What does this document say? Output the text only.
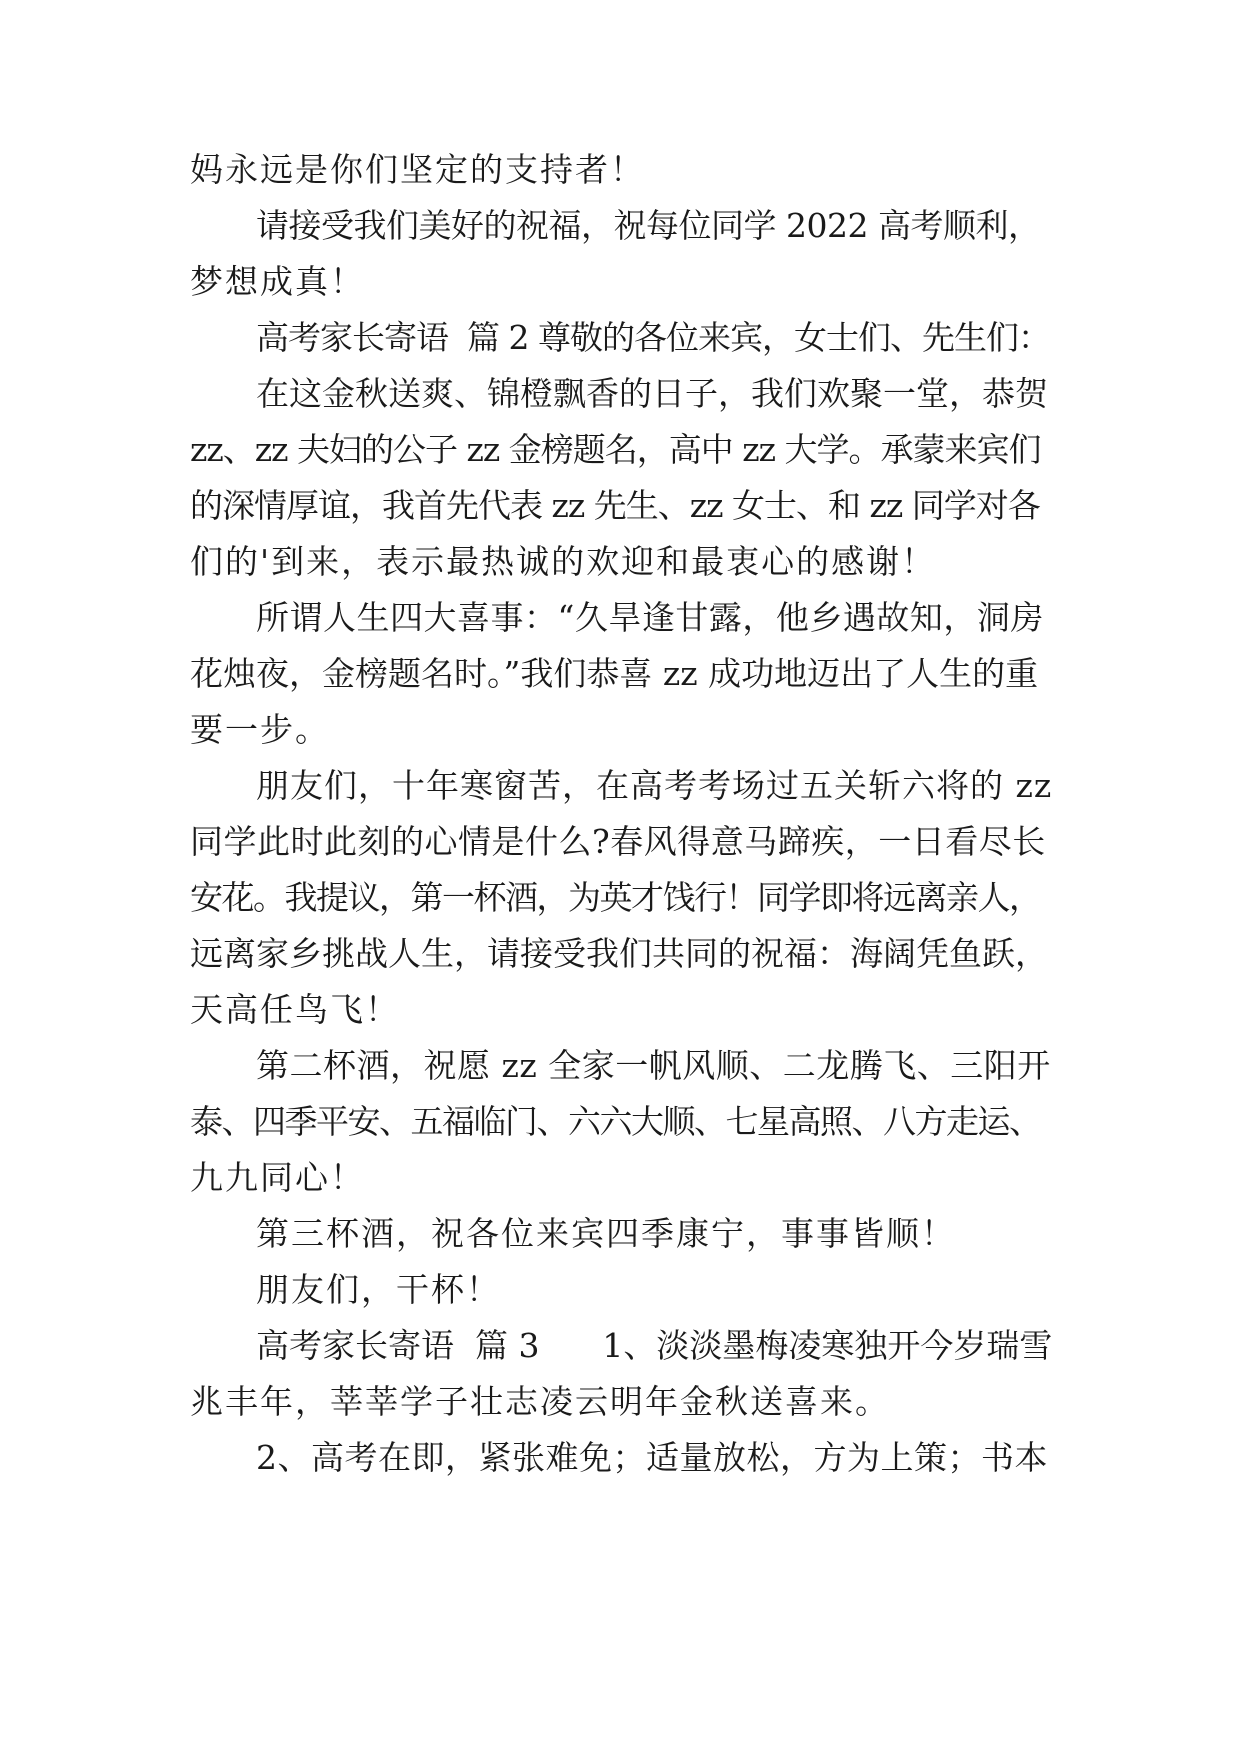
妈永远是你们坚定的支持者！
请接受我们美好的祝福，祝每位同学 2022 高考顺利，
梦想成真！
高考家长寄语  篇 2 尊敬的各位来宾，女士们、先生们：
在这金秋送爽、锦橙飘香的日子，我们欢聚一堂，恭贺
zz、zz 夫妇的公子 zz 金榜题名，高中 zz 大学。承蒙来宾们
的深情厚谊，我首先代表 zz 先生、zz 女士、和 zz 同学对各
们的'到来，表示最热诚的欢迎和最衷心的感谢！
所谓人生四大喜事：“久旱逢甘露，他乡遇故知，洞房
花烛夜，金榜题名时。”我们恭喜 zz 成功地迈出了人生的重
要一步。
朋友们，十年寒窗苦，在高考考场过五关斩六将的 zz
同学此时此刻的心情是什么?春风得意马蹄疾，一日看尽长
安花。我提议，第一杯酒，为英才饯行！同学即将远离亲人，
远离家乡挑战人生，请接受我们共同的祝福：海阔凭鱼跃，
天高任鸟飞！
第二杯酒，祝愿 zz 全家一帆风顺、二龙腾飞、三阳开
泰、四季平安、五福临门、六六大顺、七星高照、八方走运、
九九同心！
第三杯酒，祝各位来宾四季康宁，事事皆顺！
朋友们，干杯！
高考家长寄语  篇 3      1、淡淡墨梅凌寒独开今岁瑞雪
兆丰年，莘莘学子壮志凌云明年金秋送喜来。
2、高考在即，紧张难免；适量放松，方为上策；书本
